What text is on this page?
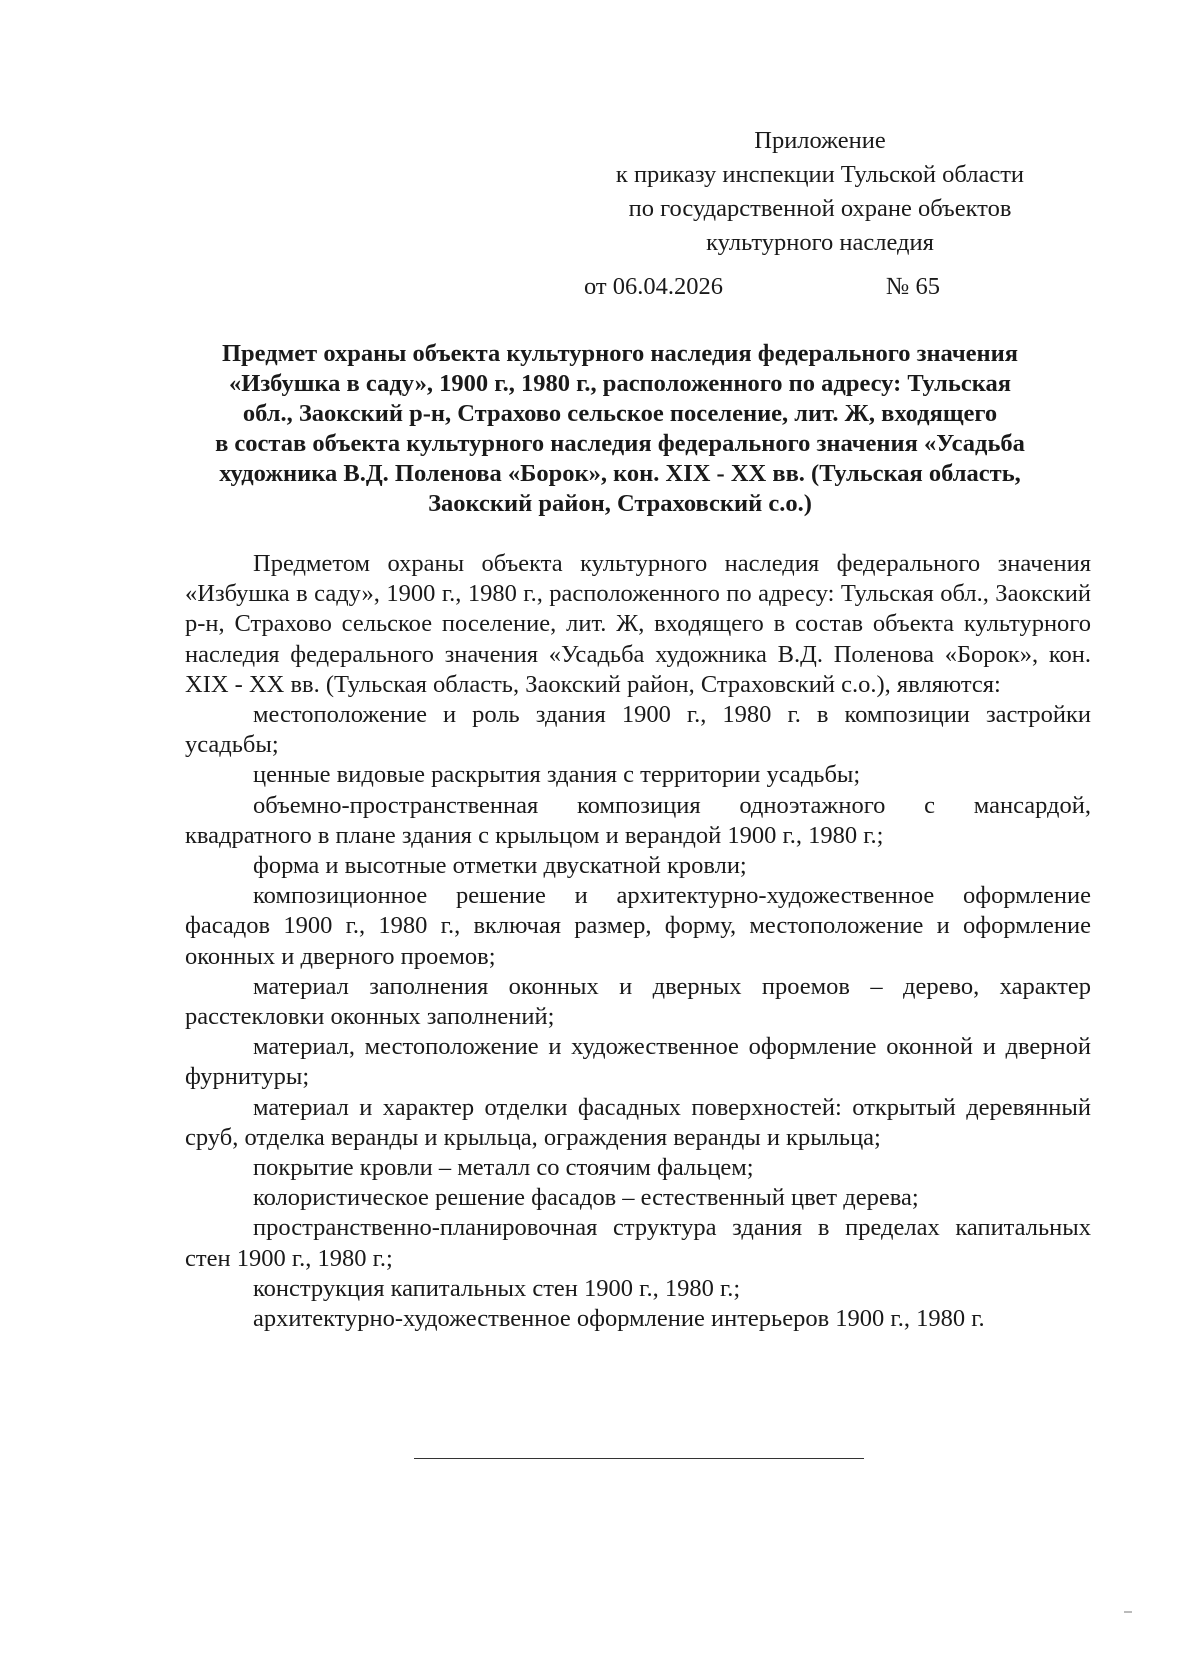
Приложение
к приказу инспекции Тульской области
по государственной охране объектов
культурного наследия
от 06.04.2026	№ 65
Предмет охраны объекта культурного наследия федерального значения
«Избушка в саду», 1900 г., 1980 г., расположенного по адресу: Тульская
обл., Заокский р-н, Страхово сельское поселение, лит. Ж, входящего
в состав объекта культурного наследия федерального значения «Усадьба
художника В.Д. Поленова «Борок», кон. XIX - XX вв. (Тульская область,
Заокский район, Страховский с.о.)

Предметом охраны объекта культурного наследия федерального значения «Избушка в саду», 1900 г., 1980 г., расположенного по адресу: Тульская обл., Заокский р-н, Страхово сельское поселение, лит. Ж, входящего в состав объекта культурного наследия федерального значения «Усадьба художника В.Д. Поленова «Борок», кон. XIX - XX вв. (Тульская область, Заокский район, Страховский с.о.), являются:

местоположение и роль здания 1900 г., 1980 г. в композиции застройки усадьбы;

ценные видовые раскрытия здания с территории усадьбы;

объемно-пространственная композиция одноэтажного с мансардой, квадратного в плане здания с крыльцом и верандой 1900 г., 1980 г.;

форма и высотные отметки двускатной кровли;

композиционное решение и архитектурно-художественное оформление фасадов 1900 г., 1980 г., включая размер, форму, местоположение и оформление оконных и дверного проемов;

материал заполнения оконных и дверных проемов – дерево, характер расстекловки оконных заполнений;

материал, местоположение и художественное оформление оконной и дверной фурнитуры;

материал и характер отделки фасадных поверхностей: открытый деревянный сруб, отделка веранды и крыльца, ограждения веранды и крыльца;

покрытие кровли – металл со стоячим фальцем;

колористическое решение фасадов – естественный цвет дерева;

пространственно-планировочная структура здания в пределах капитальных стен 1900 г., 1980 г.;

конструкция капитальных стен 1900 г., 1980 г.;

архитектурно-художественное оформление интерьеров 1900 г., 1980 г.
